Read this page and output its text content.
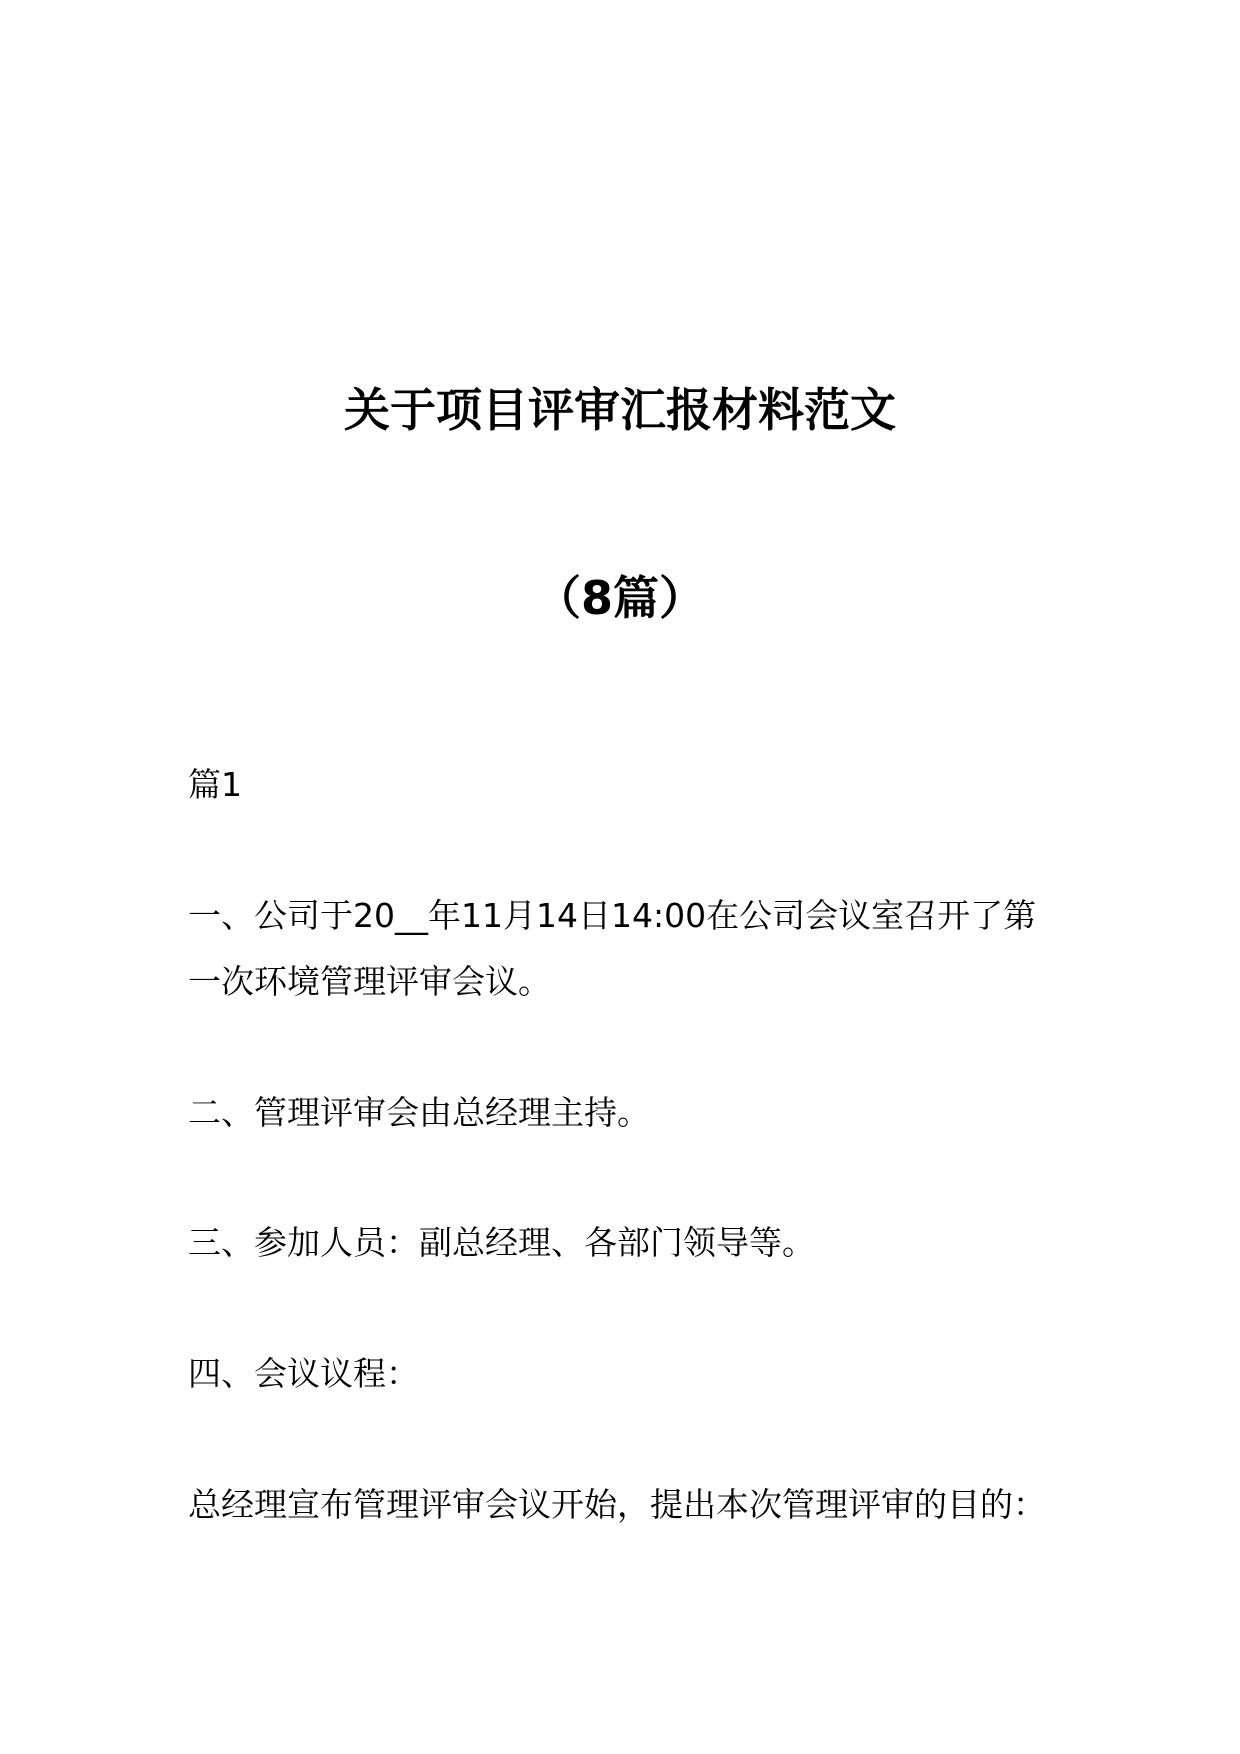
关于项目评审汇报材料范文
（8篇）

篇1

一、公司于20__年11月14日14:00在公司会议室召开了第一次环境管理评审会议。

二、管理评审会由总经理主持。

三、参加人员：副总经理、各部门领导等。

四、会议议程：

总经理宣布管理评审会议开始，提出本次管理评审的目的：
